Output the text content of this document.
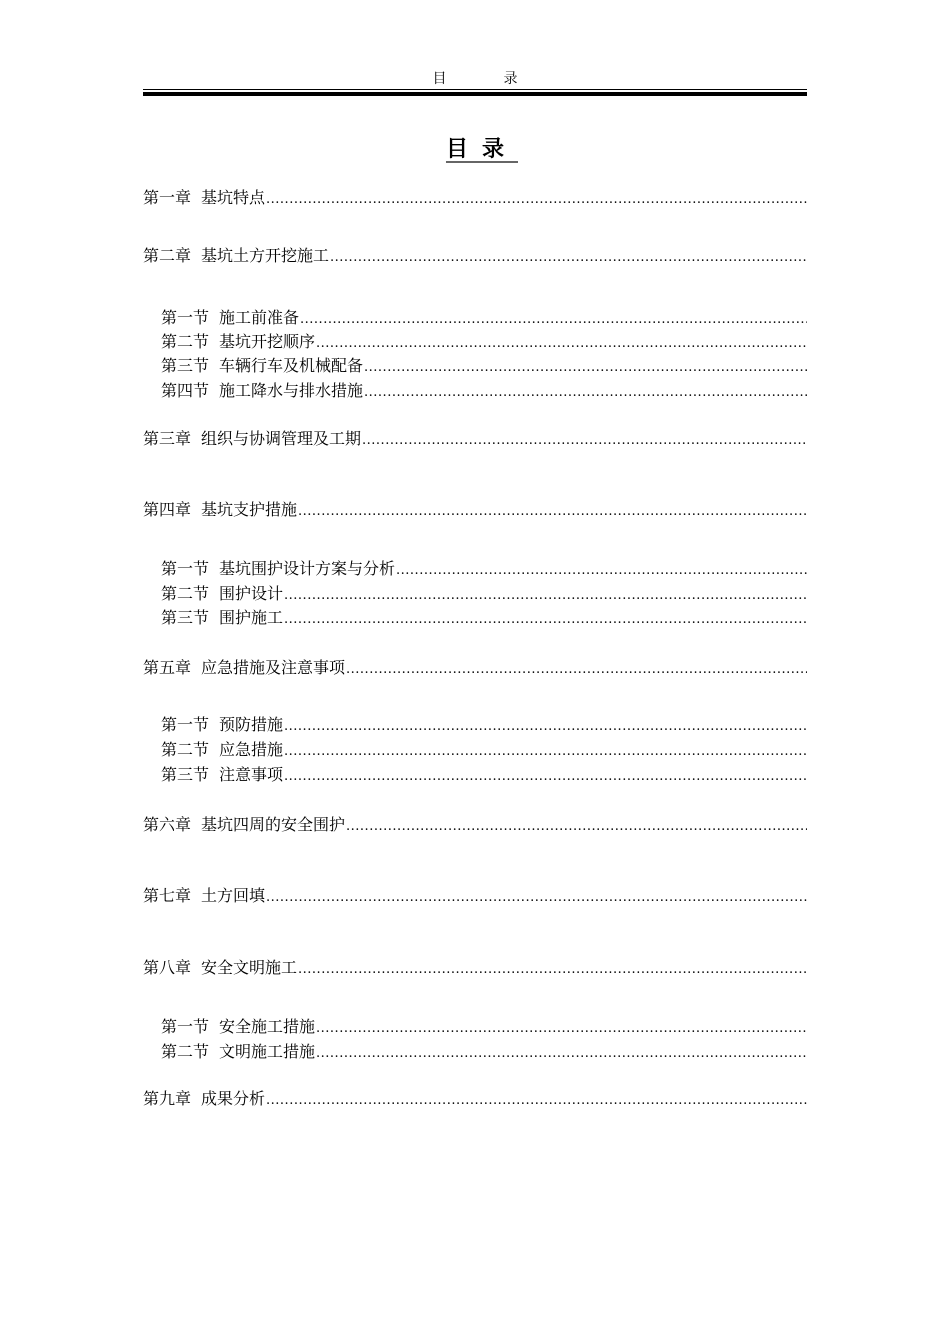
目	录
目录
第一章 基坑特点
.....
第二章 基坑土方开挖施工
.....
第一节 施工前准备
.....
第二节 基坑开挖顺序
.....
第三节 车辆行车及机械配备
.....
第四节 施工降水与排水措施
.....
第三章 组织与协调管理及工期
.....
第四章 基坑支护措施
.....
第一节 基坑围护设计方案与分析
.....
第二节 围护设计
.....
第三节 围护施工
.....
第五章 应急措施及注意事项
.....
第一节 预防措施
.....
第二节 应急措施
.....
第三节 注意事项
.....
第六章 基坑四周的安全围护
.....
第七章 土方回填
.....
第八章 安全文明施工
.....
第一节 安全施工措施
.....
第二节 文明施工措施
.....
第九章 成果分析
.....
